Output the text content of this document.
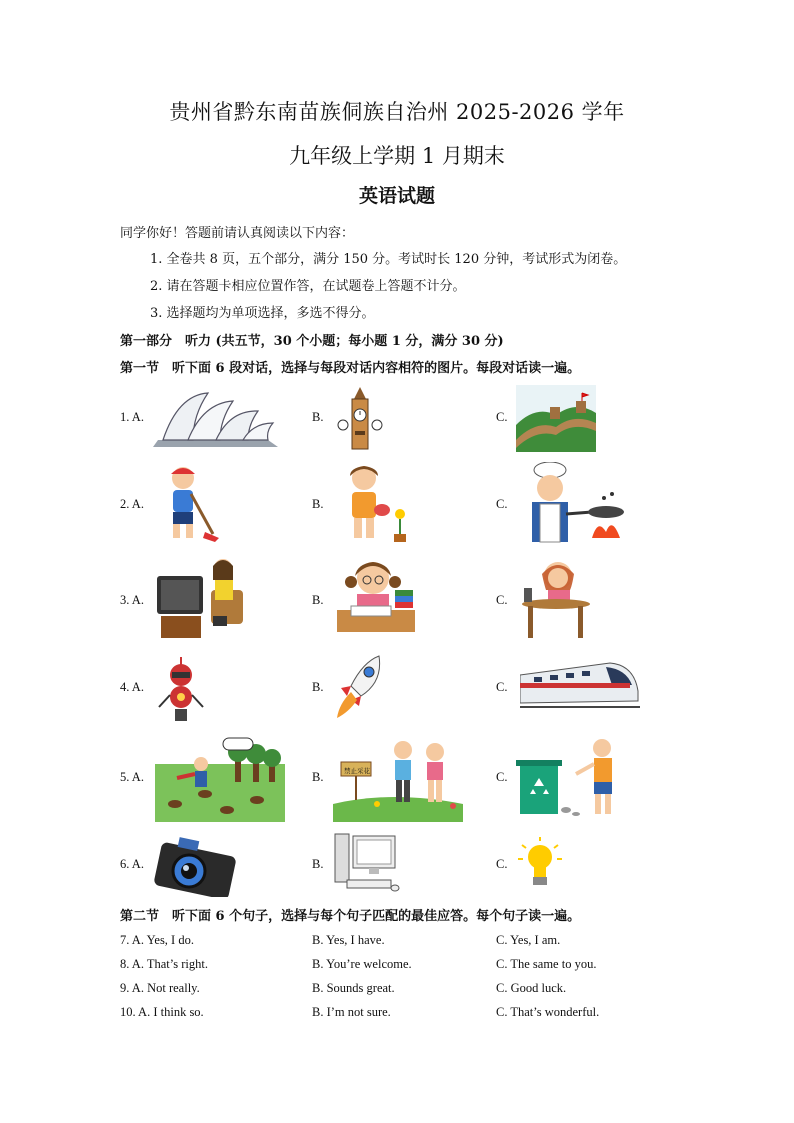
贵州省黔东南苗族侗族自治州 2025-2026 学年
九年级上学期 1 月期末
英语试题
同学你好！答题前请认真阅读以下内容：
1. 全卷共 8 页，五个部分，满分 150 分。考试时长 120 分钟，考试形式为闭卷。
2. 请在答题卡相应位置作答，在试题卷上答题不计分。
3. 选择题均为单项选择，多选不得分。
第一部分　听力 (共五节，30 个小题；每小题 1 分，满分 30 分)
第一节　听下面 6 段对话，选择与每段对话内容相符的图片。每段对话读一遍。
1. A.	B.	C.
2. A.	B.	C.
3. A.	B.	C.
4. A.	B.	C.
5. A.	B.	禁止采花	C.
6. A.	B.	C.
第二节　听下面 6 个句子，选择与每个句子匹配的最佳应答。每个句子读一遍。
7. A. Yes, I do.	B. Yes, I have.	C. Yes, I am.
8. A. That’s right.	B. You’re welcome.	C. The same to you.
9. A. Not really.	B. Sounds great.	C. Good luck.
10. A. I think so.	B. I’m not sure.	C. That’s wonderful.
